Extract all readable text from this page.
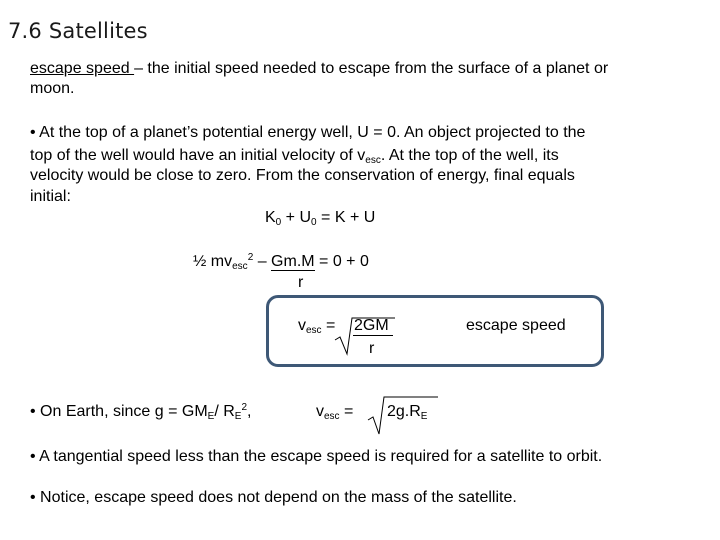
7.6 Satellites
escape speed – the initial speed needed to escape from the surface of a planet or
moon.
• At the top of a planet’s potential energy well, U = 0. An object projected to the
top of the well would have an initial velocity of $v_{esc}$. At the top of the well, its
velocity would be close to zero. From the conservation of energy, final equals
initial:
$K_0 + U_0 = K + U$
½ $mv_{esc}^2 - Gm.M = 0 + 0$
r
$v_{esc} = 2GM$
r
escape speed
• On Earth, since $g = GM_E/$ $R_E^2$,	$v_{esc} = 2g.R_E$
• A tangential speed less than the escape speed is required for a satellite to orbit.
• Notice, escape speed does not depend on the mass of the satellite.
